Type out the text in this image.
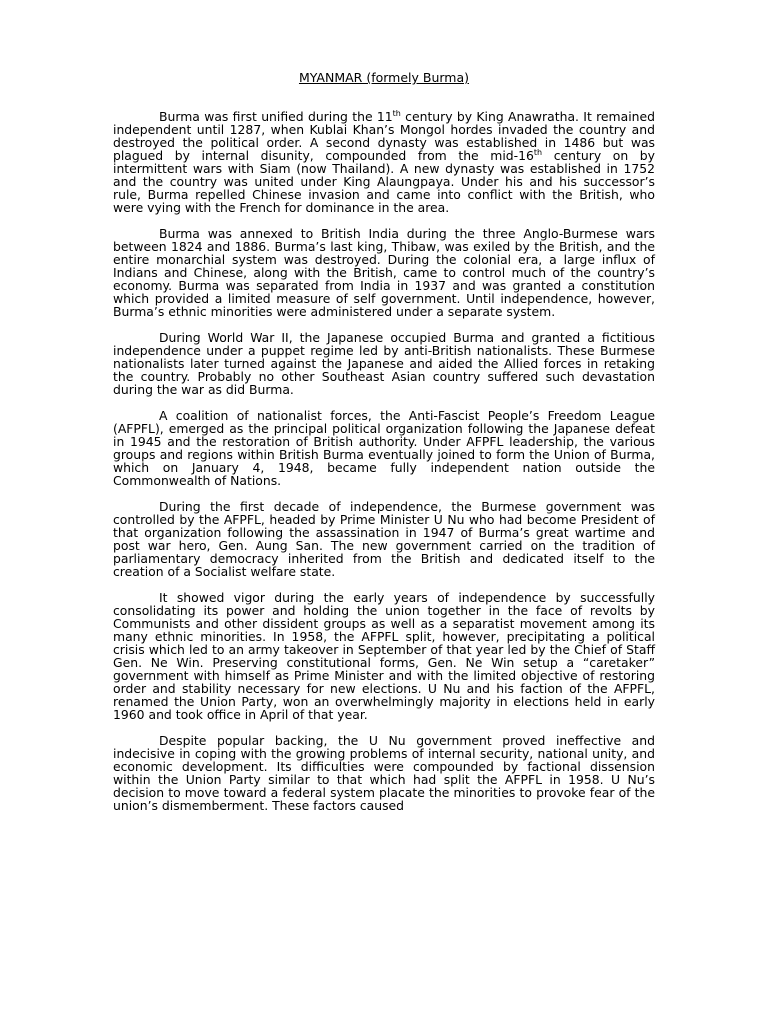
MYANMAR (formely Burma)

Burma was first unified during the 11th century by King Anawratha. It remained independent until 1287, when Kublai Khan’s Mongol hordes invaded the country and destroyed the political order. A second dynasty was established in 1486 but was plagued by internal disunity, compounded from the mid-16th century on by intermittent wars with Siam (now Thailand). A new dynasty was established in 1752 and the country was united under King Alaungpaya. Under his and his successor’s rule, Burma repelled Chinese invasion and came into conflict with the British, who were vying with the French for dominance in the area.

Burma was annexed to British India during the three Anglo-Burmese wars between 1824 and 1886. Burma’s last king, Thibaw, was exiled by the British, and the entire monarchial system was destroyed. During the colonial era, a large influx of Indians and Chinese, along with the British, came to control much of the country’s economy. Burma was separated from India in 1937 and was granted a constitution which provided a limited measure of self government. Until independence, however, Burma’s ethnic minorities were administered under a separate system.

During World War II, the Japanese occupied Burma and granted a fictitious independence under a puppet regime led by anti-British nationalists. These Burmese nationalists later turned against the Japanese and aided the Allied forces in retaking the country. Probably no other Southeast Asian country suffered such devastation during the war as did Burma.

A coalition of nationalist forces, the Anti-Fascist People’s Freedom League (AFPFL), emerged as the principal political organization following the Japanese defeat in 1945 and the restoration of British authority. Under AFPFL leadership, the various groups and regions within British Burma eventually joined to form the Union of Burma, which on January 4, 1948, became fully independent nation outside the Commonwealth of Nations.

During the first decade of independence, the Burmese government was controlled by the AFPFL, headed by Prime Minister U Nu who had become President of that organization following the assassination in 1947 of Burma’s great wartime and post war hero, Gen. Aung San. The new government carried on the tradition of parliamentary democracy inherited from the British and dedicated itself to the creation of a Socialist welfare state.

It showed vigor during the early years of independence by successfully consolidating its power and holding the union together in the face of revolts by Communists and other dissident groups as well as a separatist movement among its many ethnic minorities. In 1958, the AFPFL split, however, precipitating a political crisis which led to an army takeover in September of that year led by the Chief of Staff Gen. Ne Win. Preserving constitutional forms, Gen. Ne Win setup a “caretaker” government with himself as Prime Minister and with the limited objective of restoring order and stability necessary for new elections. U Nu and his faction of the AFPFL, renamed the Union Party, won an overwhelmingly majority in elections held in early 1960 and took office in April of that year.

Despite popular backing, the U Nu government proved ineffective and indecisive in coping with the growing problems of internal security, national unity, and economic development. Its difficulties were compounded by factional dissension within the Union Party similar to that which had split the AFPFL in 1958. U Nu’s decision to move toward a federal system placate the minorities to provoke fear of the union’s dismemberment. These factors caused
